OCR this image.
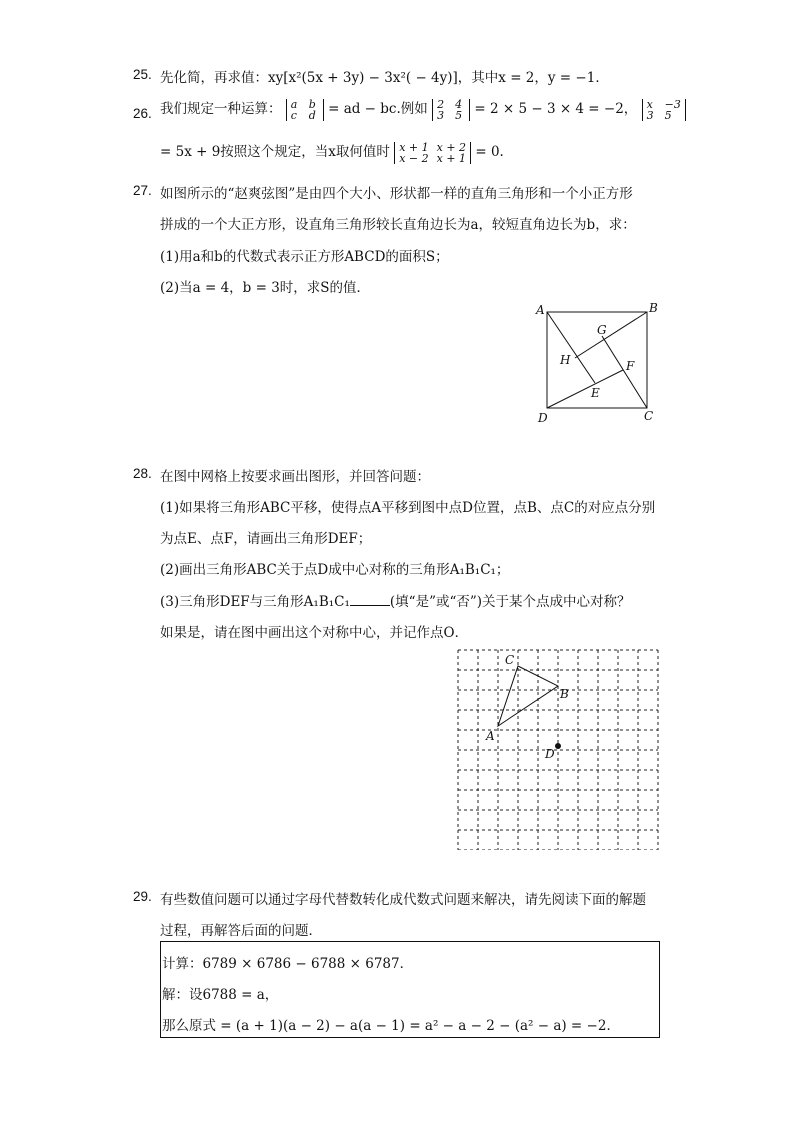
25. 先化简，再求值：xy[x²(5x + 3y) − 3x²( − 4y)]，其中x = 2，y = −1．
26. 我们规定一种运算： a b
c d = ad − bc.例如 2 4
3 5 = 2 × 5 − 3 × 4 = −2， x −3
3 5
= 5x + 9按照这个规定，当x取何值时 x + 1 x + 2
x − 2 x + 1 = 0.
27. 如图所示的“赵爽弦图”是由四个大小、形状都一样的直角三角形和一个小正方形
拼成的一个大正方形，设直角三角形较长直角边长为a，较短直角边长为b，求：
(1)用a和b的代数式表示正方形ABCD的面积S；
(2)当a = 4，b = 3时，求S的值．
A	B
C
D
E
F
G
H
28. 在图中网格上按要求画出图形，并回答问题：
(1)如果将三角形ABC平移，使得点A平移到图中点D位置，点B、点C的对应点分别
为点E、点F，请画出三角形DEF；
(2)画出三角形ABC关于点D成中心对称的三角形A₁B₁C₁；
(3)三角形DEF与三角形A₁B₁C₁	(填“是”或“否”)关于某个点成中心对称？
如果是，请在图中画出这个对称中心，并记作点O．
A
B
C
D
29. 有些数值问题可以通过字母代替数转化成代数式问题来解决，请先阅读下面的解题
过程，再解答后面的问题．
计算：6789 × 6786 − 6788 × 6787．
解：设6788 = a，
那么原式 = (a + 1)(a − 2) − a(a − 1) = a² − a − 2 − (a² − a) = −2．
